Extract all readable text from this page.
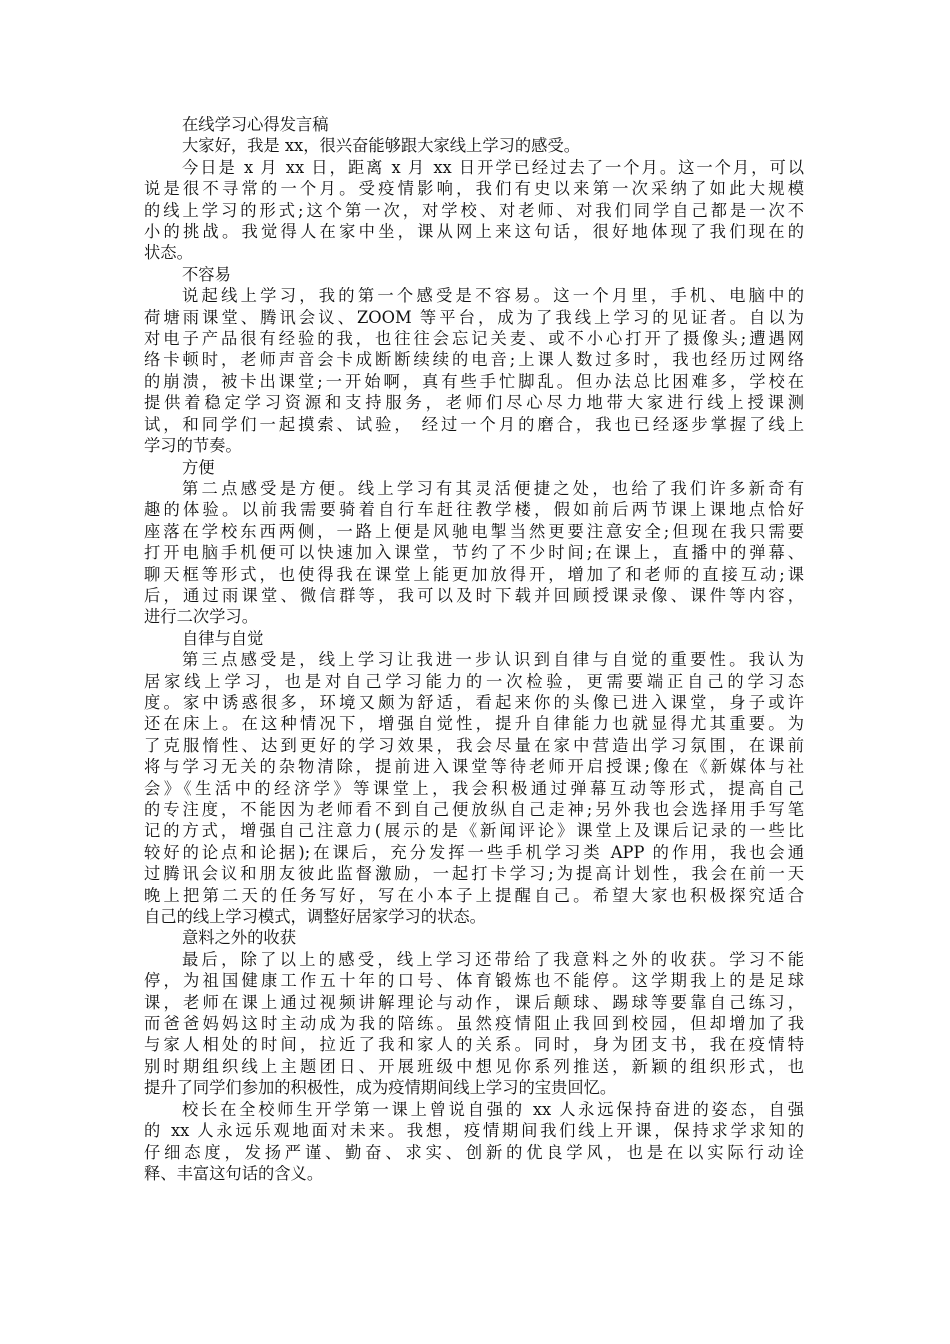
在线学习心得发言稿
大家好，我是 xx，很兴奋能够跟大家线上学习的感受。
今日是 x 月 xx 日，距离 x 月 xx 日开学已经过去了一个月。这一个月，可以
说是很不寻常的一个月。受疫情影响，我们有史以来第一次采纳了如此大规模
的线上学习的形式;这个第一次，对学校、对老师、对我们同学自己都是一次不
小的挑战。我觉得人在家中坐，课从网上来这句话，很好地体现了我们现在的
状态。
不容易
说起线上学习，我的第一个感受是不容易。这一个月里，手机、电脑中的
荷塘雨课堂、腾讯会议、ZOOM 等平台，成为了我线上学习的见证者。自以为
对电子产品很有经验的我，也往往会忘记关麦、或不小心打开了摄像头;遭遇网
络卡顿时，老师声音会卡成断断续续的电音;上课人数过多时，我也经历过网络
的崩溃，被卡出课堂;一开始啊，真有些手忙脚乱。但办法总比困难多，学校在
提供着稳定学习资源和支持服务，老师们尽心尽力地带大家进行线上授课测
试，和同学们一起摸索、试验， 经过一个月的磨合，我也已经逐步掌握了线上
学习的节奏。
方便
第二点感受是方便。线上学习有其灵活便捷之处，也给了我们许多新奇有
趣的体验。以前我需要骑着自行车赶往教学楼，假如前后两节课上课地点恰好
座落在学校东西两侧，一路上便是风驰电掣当然更要注意安全;但现在我只需要
打开电脑手机便可以快速加入课堂，节约了不少时间;在课上，直播中的弹幕、
聊天框等形式，也使得我在课堂上能更加放得开，增加了和老师的直接互动;课
后，通过雨课堂、微信群等，我可以及时下载并回顾授课录像、课件等内容，
进行二次学习。
自律与自觉
第三点感受是，线上学习让我进一步认识到自律与自觉的重要性。我认为
居家线上学习，也是对自己学习能力的一次检验，更需要端正自己的学习态
度。家中诱惑很多，环境又颇为舒适，看起来你的头像已进入课堂，身子或许
还在床上。在这种情况下，增强自觉性，提升自律能力也就显得尤其重要。为
了克服惰性、达到更好的学习效果，我会尽量在家中营造出学习氛围，在课前
将与学习无关的杂物清除，提前进入课堂等待老师开启授课;像在《新媒体与社
会》《生活中的经济学》等课堂上，我会积极通过弹幕互动等形式，提高自己
的专注度，不能因为老师看不到自己便放纵自己走神;另外我也会选择用手写笔
记的方式，增强自己注意力(展示的是《新闻评论》课堂上及课后记录的一些比
较好的论点和论据);在课后，充分发挥一些手机学习类 APP 的作用，我也会通
过腾讯会议和朋友彼此监督激励，一起打卡学习;为提高计划性，我会在前一天
晚上把第二天的任务写好，写在小本子上提醒自己。希望大家也积极探究适合
自己的线上学习模式，调整好居家学习的状态。
意料之外的收获
最后，除了以上的感受，线上学习还带给了我意料之外的收获。学习不能
停，为祖国健康工作五十年的口号、体育锻炼也不能停。这学期我上的是足球
课，老师在课上通过视频讲解理论与动作，课后颠球、踢球等要靠自己练习，
而爸爸妈妈这时主动成为我的陪练。虽然疫情阻止我回到校园，但却增加了我
与家人相处的时间，拉近了我和家人的关系。同时，身为团支书，我在疫情特
别时期组织线上主题团日、开展班级中想见你系列推送，新颖的组织形式，也
提升了同学们参加的积极性，成为疫情期间线上学习的宝贵回忆。
校长在全校师生开学第一课上曾说自强的 xx 人永远保持奋进的姿态，自强
的 xx 人永远乐观地面对未来。我想，疫情期间我们线上开课，保持求学求知的
仔细态度，发扬严谨、勤奋、求实、创新的优良学风，也是在以实际行动诠
释、丰富这句话的含义。
